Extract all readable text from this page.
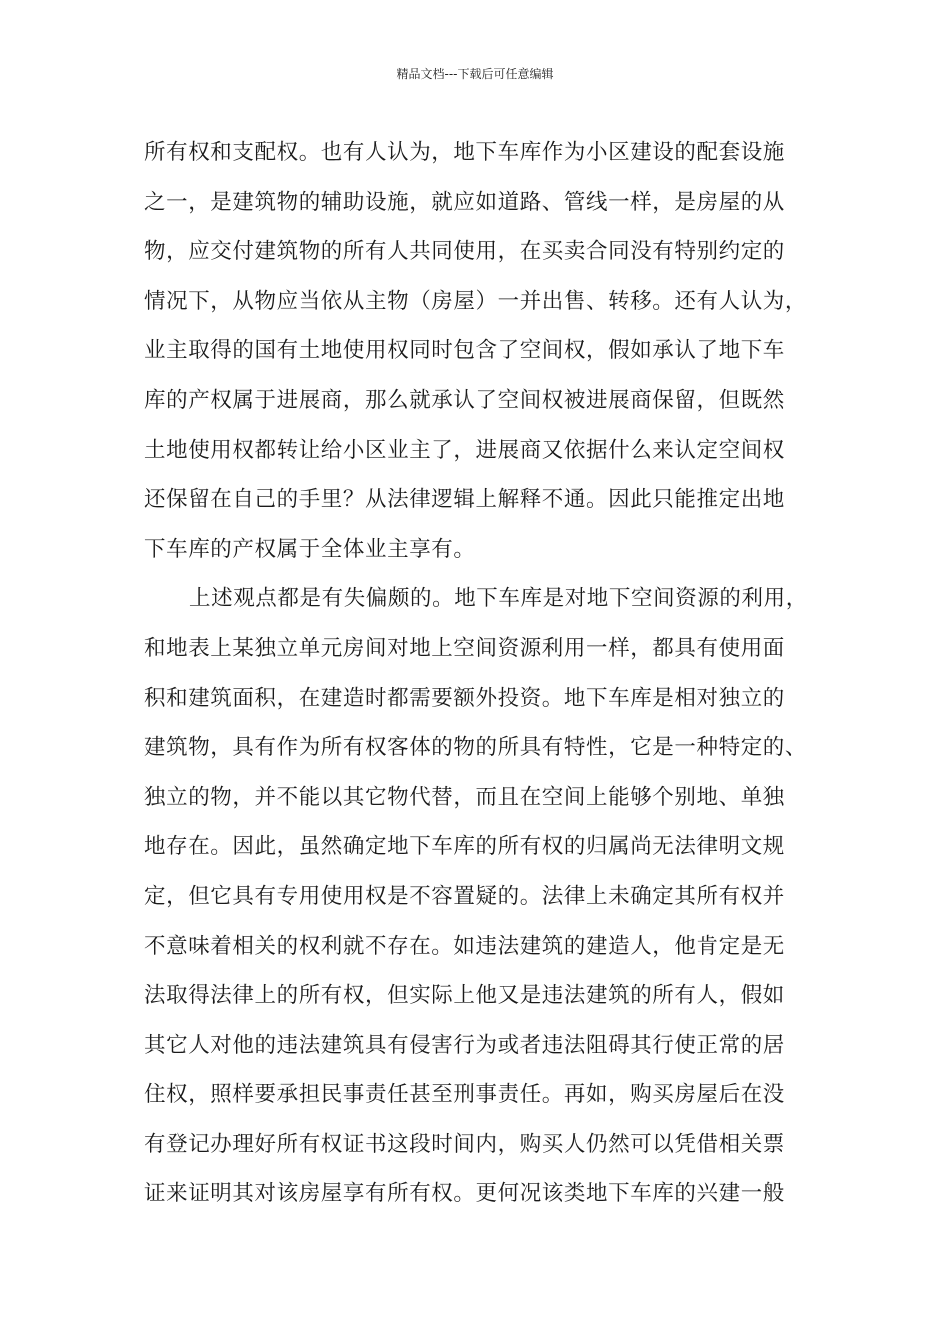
精品文档---下载后可任意编辑
所有权和支配权。也有人认为，地下车库作为小区建设的配套设施
之一，是建筑物的辅助设施，就应如道路、管线一样，是房屋的从
物，应交付建筑物的所有人共同使用，在买卖合同没有特别约定的
情况下，从物应当依从主物（房屋）一并出售、转移。还有人认为，
业主取得的国有土地使用权同时包含了空间权，假如承认了地下车
库的产权属于进展商，那么就承认了空间权被进展商保留，但既然
土地使用权都转让给小区业主了，进展商又依据什么来认定空间权
还保留在自己的手里？从法律逻辑上解释不通。因此只能推定出地
下车库的产权属于全体业主享有。
上述观点都是有失偏颇的。地下车库是对地下空间资源的利用，
和地表上某独立单元房间对地上空间资源利用一样，都具有使用面
积和建筑面积，在建造时都需要额外投资。地下车库是相对独立的
建筑物，具有作为所有权客体的物的所具有特性，它是一种特定的、
独立的物，并不能以其它物代替，而且在空间上能够个别地、单独
地存在。因此，虽然确定地下车库的所有权的归属尚无法律明文规
定，但它具有专用使用权是不容置疑的。法律上未确定其所有权并
不意味着相关的权利就不存在。如违法建筑的建造人，他肯定是无
法取得法律上的所有权，但实际上他又是违法建筑的所有人，假如
其它人对他的违法建筑具有侵害行为或者违法阻碍其行使正常的居
住权，照样要承担民事责任甚至刑事责任。再如，购买房屋后在没
有登记办理好所有权证书这段时间内，购买人仍然可以凭借相关票
证来证明其对该房屋享有所有权。更何况该类地下车库的兴建一般
